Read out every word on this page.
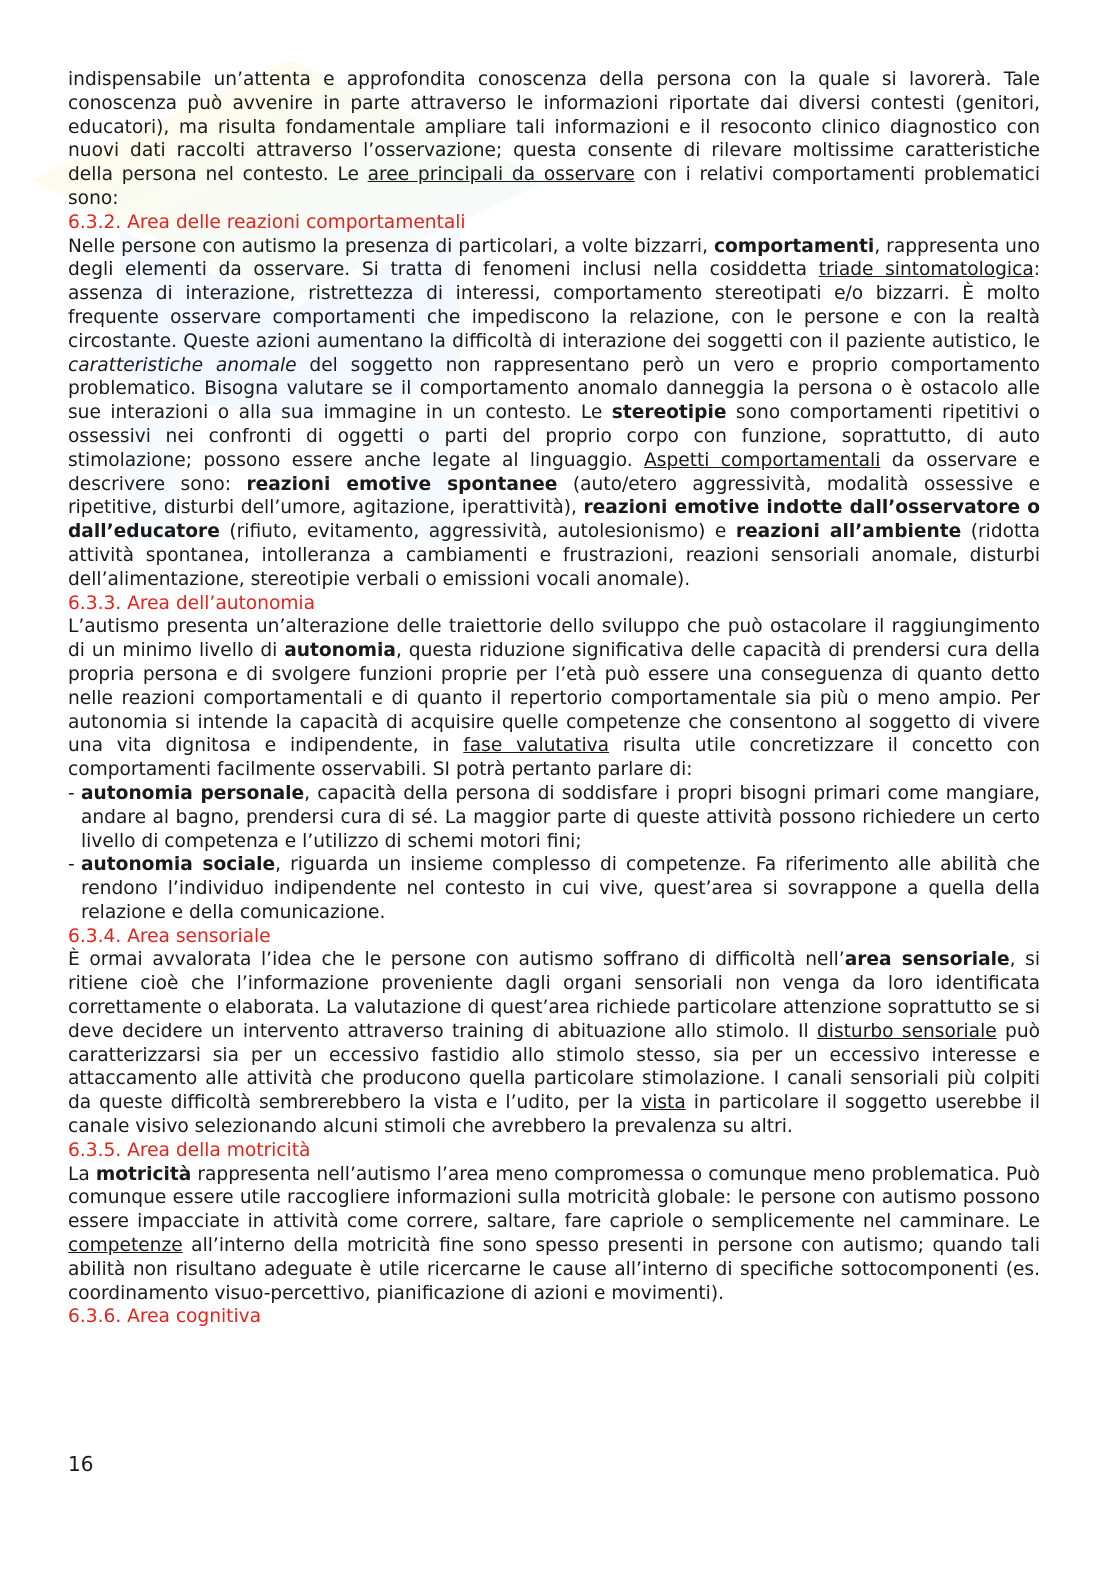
indispensabile un’attenta e approfondita conoscenza della persona con la quale si lavorerà. Tale conoscenza può avvenire in parte attraverso le informazioni riportate dai diversi contesti (genitori, educatori), ma risulta fondamentale ampliare tali informazioni e il resoconto clinico diagnostico con nuovi dati raccolti attraverso l’osservazione; questa consente di rilevare moltissime caratteristiche della persona nel contesto. Le aree principali da osservare con i relativi comportamenti problematici sono:

6.3.2. Area delle reazioni comportamentali

Nelle persone con autismo la presenza di particolari, a volte bizzarri, comportamenti, rappresenta uno degli elementi da osservare. Si tratta di fenomeni inclusi nella cosiddetta triade sintomatologica: assenza di interazione, ristrettezza di interessi, comportamento stereotipati e/o bizzarri. È molto frequente osservare comportamenti che impediscono la relazione, con le persone e con la realtà circostante. Queste azioni aumentano la difficoltà di interazione dei soggetti con il paziente autistico, le caratteristiche anomale del soggetto non rappresentano però un vero e proprio comportamento problematico. Bisogna valutare se il comportamento anomalo danneggia la persona o è ostacolo alle sue interazioni o alla sua immagine in un contesto. Le stereotipie sono comportamenti ripetitivi o ossessivi nei confronti di oggetti o parti del proprio corpo con funzione, soprattutto, di auto stimolazione; possono essere anche legate al linguaggio. Aspetti comportamentali da osservare e descrivere sono: reazioni emotive spontanee (auto/etero aggressività, modalità ossessive e ripetitive, disturbi dell’umore, agitazione, iperattività), reazioni emotive indotte dall’osservatore o dall’educatore (rifiuto, evitamento, aggressività, autolesionismo) e reazioni all’ambiente (ridotta attività spontanea, intolleranza a cambiamenti e frustrazioni, reazioni sensoriali anomale, disturbi dell’alimentazione, stereotipie verbali o emissioni vocali anomale).

6.3.3. Area dell’autonomia

L’autismo presenta un’alterazione delle traiettorie dello sviluppo che può ostacolare il raggiungimento di un minimo livello di autonomia, questa riduzione significativa delle capacità di prendersi cura della propria persona e di svolgere funzioni proprie per l’età può essere una conseguenza di quanto detto nelle reazioni comportamentali e di quanto il repertorio comportamentale sia più o meno ampio. Per autonomia si intende la capacità di acquisire quelle competenze che consentono al soggetto di vivere una vita dignitosa e indipendente, in fase valutativa risulta utile concretizzare il concetto con comportamenti facilmente osservabili. SI potrà pertanto parlare di:

- autonomia personale, capacità della persona di soddisfare i propri bisogni primari come mangiare, andare al bagno, prendersi cura di sé. La maggior parte di queste attività possono richiedere un certo livello di competenza e l’utilizzo di schemi motori fini;
- autonomia sociale, riguarda un insieme complesso di competenze. Fa riferimento alle abilità che rendono l’individuo indipendente nel contesto in cui vive, quest’area si sovrappone a quella della relazione e della comunicazione.
6.3.4. Area sensoriale

È ormai avvalorata l’idea che le persone con autismo soffrano di difficoltà nell’area sensoriale, si ritiene cioè che l’informazione proveniente dagli organi sensoriali non venga da loro identificata correttamente o elaborata. La valutazione di quest’area richiede particolare attenzione soprattutto se si deve decidere un intervento attraverso training di abituazione allo stimolo. Il disturbo sensoriale può caratterizzarsi sia per un eccessivo fastidio allo stimolo stesso, sia per un eccessivo interesse e attaccamento alle attività che producono quella particolare stimolazione. I canali sensoriali più colpiti da queste difficoltà sembrerebbero la vista e l’udito, per la vista in particolare il soggetto userebbe il canale visivo selezionando alcuni stimoli che avrebbero la prevalenza su altri.

6.3.5. Area della motricità

La motricità rappresenta nell’autismo l’area meno compromessa o comunque meno problematica. Può comunque essere utile raccogliere informazioni sulla motricità globale: le persone con autismo possono essere impacciate in attività come correre, saltare, fare capriole o semplicemente nel camminare. Le competenze all’interno della motricità fine sono spesso presenti in persone con autismo; quando tali abilità non risultano adeguate è utile ricercarne le cause all’interno di specifiche sottocomponenti (es. coordinamento visuo-percettivo, pianificazione di azioni e movimenti).

6.3.6. Area cognitiva
16
